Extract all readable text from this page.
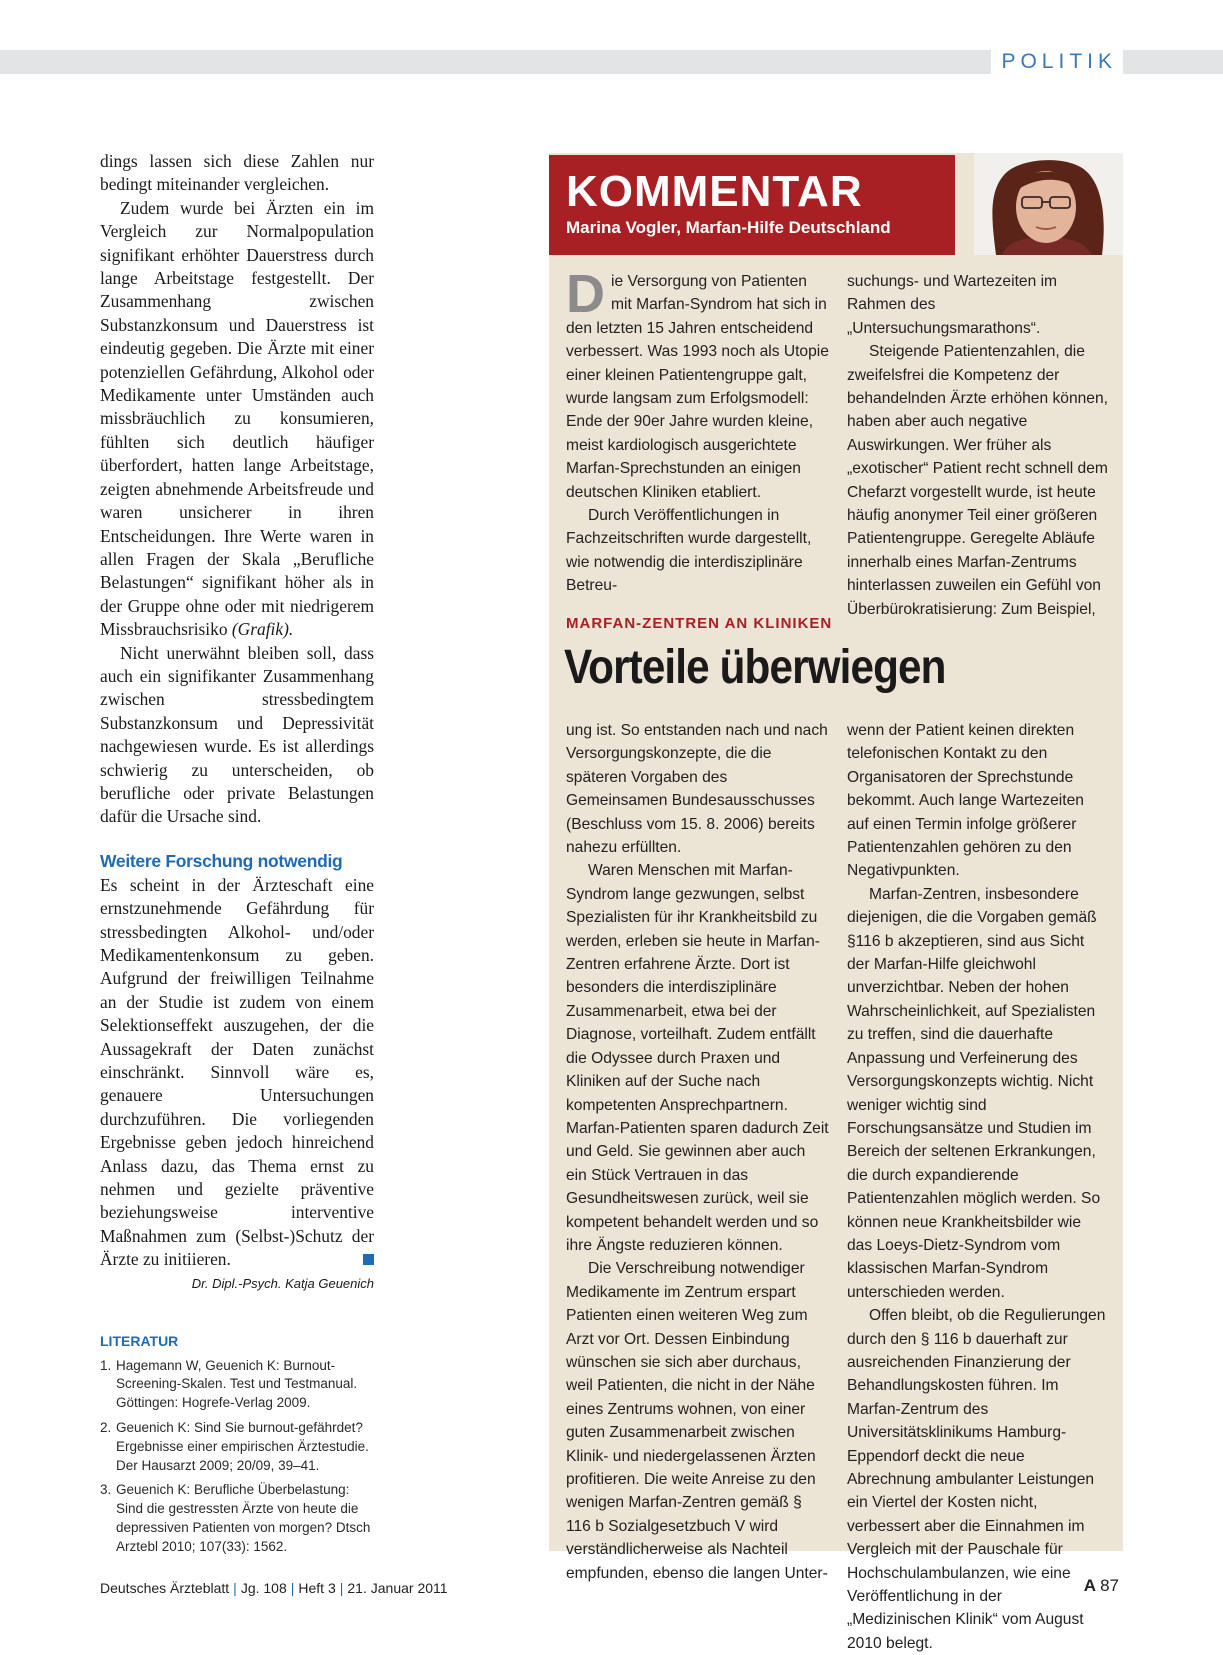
POLITIK

dings lassen sich diese Zahlen nur bedingt miteinander vergleichen.

Zudem wurde bei Ärzten ein im Vergleich zur Normalpopulation signifikant erhöhter Dauerstress durch lange Arbeitstage festgestellt. Der Zusammenhang zwischen Substanzkonsum und Dauerstress ist eindeutig gegeben. Die Ärzte mit einer potenziellen Gefährdung, Alkohol oder Medikamente unter Umständen auch missbräuchlich zu konsumieren, fühlten sich deutlich häufiger überfordert, hatten lange Arbeitstage, zeigten abnehmende Arbeitsfreude und waren unsicherer in ihren Entscheidungen. Ihre Werte waren in allen Fragen der Skala „Berufliche Belastungen“ signifikant höher als in der Gruppe ohne oder mit niedrigerem Missbrauchsrisiko (Grafik).

Nicht unerwähnt bleiben soll, dass auch ein signifikanter Zusammenhang zwischen stressbedingtem Substanzkonsum und Depressivität nachgewiesen wurde. Es ist allerdings schwierig zu unterscheiden, ob berufliche oder private Belastungen dafür die Ursache sind.

Weitere Forschung notwendig

Es scheint in der Ärzteschaft eine ernstzunehmende Gefährdung für stressbedingten Alkohol- und/oder Medikamentenkonsum zu geben. Aufgrund der freiwilligen Teilnahme an der Studie ist zudem von einem Selektionseffekt auszugehen, der die Aussagekraft der Daten zunächst einschränkt. Sinnvoll wäre es, genauere Untersuchungen durchzuführen. Die vorliegenden Ergebnisse geben jedoch hinreichend Anlass dazu, das Thema ernst zu nehmen und gezielte präventive beziehungsweise interventive Maßnahmen zum (Selbst-)Schutz der Ärzte zu initiieren.

Dr. Dipl.-Psych. Katja Geuenich
LITERATUR
1. Hagemann W, Geuenich K: Burnout-Screening-Skalen. Test und Testmanual. Göttingen: Hogrefe-Verlag 2009.
2. Geuenich K: Sind Sie burnout-gefährdet? Ergebnisse einer empirischen Ärztestudie. Der Hausarzt 2009; 20/09, 39–41.
3. Geuenich K: Berufliche Überbelastung: Sind die gestressten Ärzte von heute die depressiven Patienten von morgen? Dtsch Arztebl 2010; 107(33): 1562.
KOMMENTAR
Marina Vogler, Marfan-Hilfe Deutschland
D ie Versorgung von Patienten mit Marfan-Syndrom hat sich in den letzten 15 Jahren entscheidend verbessert. Was 1993 noch als Utopie einer kleinen Patientengruppe galt, wurde langsam zum Erfolgsmodell: Ende der 90er Jahre wurden kleine, meist kardiologisch ausgerichtete Marfan-Sprechstunden an einigen deutschen Kliniken etabliert.

Durch Veröffentlichungen in Fachzeitschriften wurde dargestellt, wie notwendig die interdisziplinäre Betreu-

suchungs- und Wartezeiten im Rahmen des „Untersuchungsmarathons“.

Steigende Patientenzahlen, die zweifelsfrei die Kompetenz der behandelnden Ärzte erhöhen können, haben aber auch negative Auswirkungen. Wer früher als „exotischer“ Patient recht schnell dem Chefarzt vorgestellt wurde, ist heute häufig anonymer Teil einer größeren Patientengruppe. Geregelte Abläufe innerhalb eines Marfan-Zentrums hinterlassen zuweilen ein Gefühl von Überbürokratisierung: Zum Beispiel,

MARFAN-ZENTREN AN KLINIKEN
Vorteile überwiegen

ung ist. So entstanden nach und nach Versorgungskonzepte, die die späteren Vorgaben des Gemeinsamen Bundesausschusses (Beschluss vom 15. 8. 2006) bereits nahezu erfüllten.

Waren Menschen mit Marfan-Syndrom lange gezwungen, selbst Spezialisten für ihr Krankheitsbild zu werden, erleben sie heute in Marfan-Zentren erfahrene Ärzte. Dort ist besonders die interdisziplinäre Zusammenarbeit, etwa bei der Diagnose, vorteilhaft. Zudem entfällt die Odyssee durch Praxen und Kliniken auf der Suche nach kompetenten Ansprechpartnern. Marfan-Patienten sparen dadurch Zeit und Geld. Sie gewinnen aber auch ein Stück Vertrauen in das Gesundheitswesen zurück, weil sie kompetent behandelt werden und so ihre Ängste reduzieren können.

Die Verschreibung notwendiger Medikamente im Zentrum erspart Patienten einen weiteren Weg zum Arzt vor Ort. Dessen Einbindung wünschen sie sich aber durchaus, weil Patienten, die nicht in der Nähe eines Zentrums wohnen, von einer guten Zusammenarbeit zwischen Klinik- und niedergelassenen Ärzten profitieren. Die weite Anreise zu den wenigen Marfan-Zentren gemäß § 116 b Sozialgesetzbuch V wird verständlicherweise als Nachteil empfunden, ebenso die langen Unter-

wenn der Patient keinen direkten telefonischen Kontakt zu den Organisatoren der Sprechstunde bekommt. Auch lange Wartezeiten auf einen Termin infolge größerer Patientenzahlen gehören zu den Negativpunkten.

Marfan-Zentren, insbesondere diejenigen, die die Vorgaben gemäß §116 b akzeptieren, sind aus Sicht der Marfan-Hilfe gleichwohl unverzichtbar. Neben der hohen Wahrscheinlichkeit, auf Spezialisten zu treffen, sind die dauerhafte Anpassung und Verfeinerung des Versorgungskonzepts wichtig. Nicht weniger wichtig sind Forschungsansätze und Studien im Bereich der seltenen Erkrankungen, die durch expandierende Patientenzahlen möglich werden. So können neue Krankheitsbilder wie das Loeys-Dietz-Syndrom vom klassischen Marfan-Syndrom unterschieden werden.

Offen bleibt, ob die Regulierungen durch den § 116 b dauerhaft zur ausreichenden Finanzierung der Behandlungskosten führen. Im Marfan-Zentrum des Universitätsklinikums Hamburg-Eppendorf deckt die neue Abrechnung ambulanter Leistungen ein Viertel der Kosten nicht, verbessert aber die Einnahmen im Vergleich mit der Pauschale für Hochschulambulanzen, wie eine Veröffentlichung in der „Medizinischen Klinik“ vom August 2010 belegt.

Deutsches Ärzteblatt | Jg. 108 | Heft 3 | 21. Januar 2011	A 87
